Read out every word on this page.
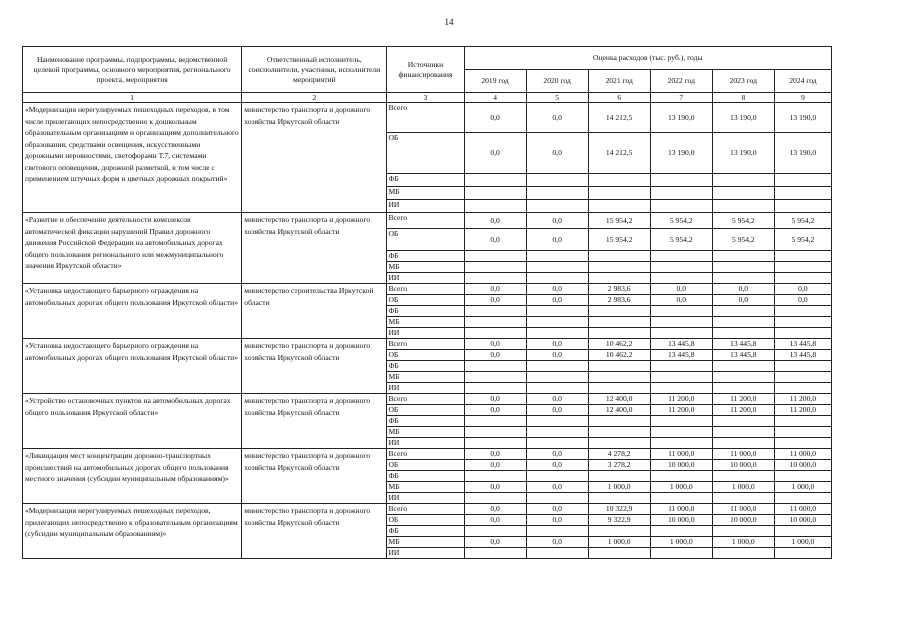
14
Наименование программы, подпрограммы, ведомственной целевой программы, основного мероприятия, регионального проекта, мероприятия	Ответственный исполнитель, соисполнители, участники, исполнители мероприятий	Источники финансирования	Оценка расходов (тыс. руб.), годы					
			2019 год	2020 год	2021 год	2022 год	2023 год	2024 год
1	2	3	4	5	6	7	8	9
«Модернизация нерегулируемых пешеходных переходов, в том числе прилегающих непосредственно к дошкольным образовательным организациям и организациям дополнительного образования, средствами освещения, искусственными дорожными неровностями, светофорами Т.7, системами светового оповещения, дорожной разметкой, в том числе с применением штучных форм и цветных дорожных покрытий»	министерство транспорта и дорожного хозяйства Иркутской области	Всего	0,0	0,0	14 212,5	13 190,0	13 190,0	13 190,0
		ОБ	0,0	0,0	14 212,5	13 190,0	13 190,0	13 190,0
		ФБ						
		МБ						
		ИИ						
«Развитие и обеспечение деятельности комплексов автоматической фиксации нарушений Правил дорожного движения Российской Федерации на автомобильных дорогах общего пользования регионального или межмуниципального значения Иркутской области»	министерство транспорта и дорожного хозяйства Иркутской области	Всего	0,0	0,0	15 954,2	5 954,2	5 954,2	5 954,2
		ОБ	0,0	0,0	15 954,2	5 954,2	5 954,2	5 954,2
		ФБ						
		МБ						
		ИИ						
«Установка недостающего барьерного ограждения на автомобильных дорогах общего пользования Иркутской области»	министерство строительства Иркутской области	Всего	0,0	0,0	2 983,6	0,0	0,0	0,0
		ОБ	0,0	0,0	2 983,6	0,0	0,0	0,0
		ФБ						
		МБ						
		ИИ						
«Установка недостающего барьерного ограждения на автомобильных дорогах общего пользования Иркутской области»	министерство транспорта и дорожного хозяйства Иркутской области	Всего	0,0	0,0	10 462,2	13 445,8	13 445,8	13 445,8
		ОБ	0,0	0,0	10 462,2	13 445,8	13 445,8	13 445,8
		ФБ						
		МБ						
		ИИ						
«Устройство остановочных пунктов на автомобильных дорогах общего пользования Иркутской области»	министерство транспорта и дорожного хозяйства Иркутской области	Всего	0,0	0,0	12 400,0	11 200,0	11 200,0	11 200,0
		ОБ	0,0	0,0	12 400,0	11 200,0	11 200,0	11 200,0
		ФБ						
		МБ						
		ИИ						
«Ликвидация мест концентрации дорожно-транспортных происшествий на автомобильных дорогах общего пользования местного значения (субсидии муниципальным образованиям)»	министерство транспорта и дорожного хозяйства Иркутской области	Всего	0,0	0,0	4 278,2	11 000,0	11 000,0	11 000,0
		ОБ	0,0	0,0	3 278,2	10 000,0	10 000,0	10 000,0
		ФБ						
		МБ	0,0	0,0	1 000,0	1 000,0	1 000,0	1 000,0
		ИИ						
«Модернизация нерегулируемых пешеходных переходов, прилегающих непосредственно к образовательным организациям (субсидии муниципальным образованиям)»	министерство транспорта и дорожного хозяйства Иркутской области	Всего	0,0	0,0	10 322,9	11 000,0	11 000,0	11 000,0
		ОБ	0,0	0,0	9 322,9	10 000,0	10 000,0	10 000,0
		ФБ						
		МБ	0,0	0,0	1 000,0	1 000,0	1 000,0	1 000,0
		ИИ						
